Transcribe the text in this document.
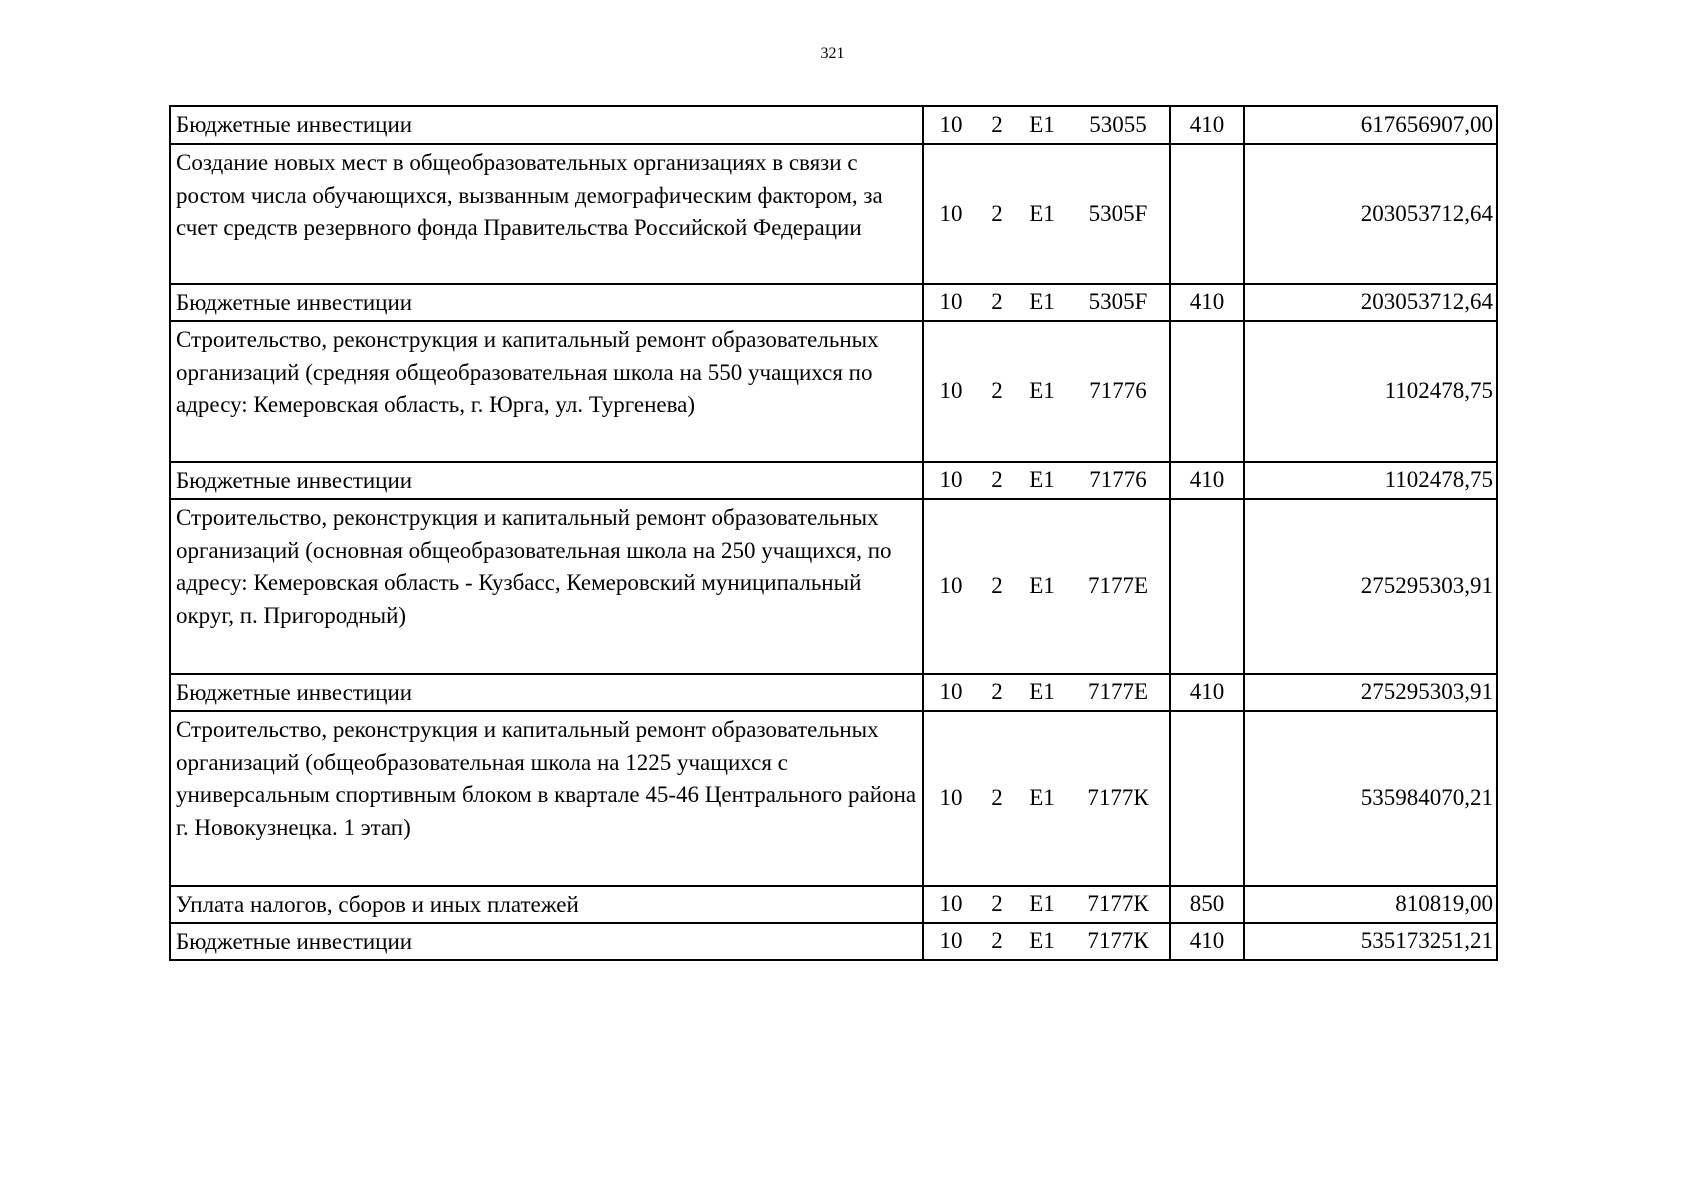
321
Бюджетные инвестиции	10 2 Е1 53055	410	617656907,00
Создание новых мест в общеобразовательных организациях в связи с ростом числа обучающихся, вызванным демографическим фактором, за счет средств резервного фонда Правительства Российской Федерации	10 2 Е1 5305F		203053712,64
Бюджетные инвестиции	10 2 Е1 5305F	410	203053712,64
Строительство, реконструкция и капитальный ремонт образовательных организаций (средняя общеобразовательная школа на 550 учащихся по адресу: Кемеровская область, г. Юрга, ул. Тургенева)	10 2 Е1 71776		1102478,75
Бюджетные инвестиции	10 2 Е1 71776	410	1102478,75
Строительство, реконструкция и капитальный ремонт образовательных организаций (основная общеобразовательная школа на 250 учащихся, по адресу: Кемеровская область - Кузбасс, Кемеровский муниципальный округ, п. Пригородный)	10 2 Е1 7177Е		275295303,91
Бюджетные инвестиции	10 2 Е1 7177Е	410	275295303,91
Строительство, реконструкция и капитальный ремонт образовательных организаций (общеобразовательная школа на 1225 учащихся с универсальным спортивным блоком в квартале 45-46 Центрального района г. Новокузнецка. 1 этап)	10 2 Е1 7177К		535984070,21
Уплата налогов, сборов и иных платежей	10 2 Е1 7177К	850	810819,00
Бюджетные инвестиции	10 2 Е1 7177К	410	535173251,21
